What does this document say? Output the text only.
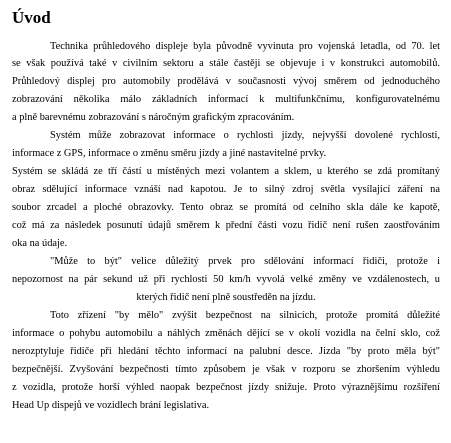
Úvod
Technika průhledového displeje byla původně vyvinuta pro vojenská letadla, od 70. let
se však používá také v civilním sektoru a stále častěji se objevuje i v konstrukci automobilů.
Průhledový displej pro automobily prodělává v současnosti vývoj směrem od jednoduchého
zobrazování několika málo základních informací k multifunkčnímu, konfigurovatelnému
a plně barevnému zobrazování s náročným grafickým zpracováním.
Systém může zobrazovat informace o rychlosti jízdy, nejvyšší dovolené rychlosti,
informace z GPS, informace o změnu směru jízdy a jiné nastavitelné prvky.
Systém se skládá ze tří částí u místěných mezi volantem a sklem, u kterého se zdá promítaný
obraz sdělující informace vznáší nad kapotou. Je to silný zdroj světla vysílající záření na
soubor zrcadel a ploché obrazovky. Tento obraz se promítá od celního skla dále ke kapotě,
což má za následek posunutí údajů směrem k přední části vozu řidič není rušen zaostřováním
oka na údaje.
"Může to být" velice důležitý prvek pro sdělování informací řidiči, protože i
nepozornost na pár sekund už při rychlosti 50 km/h vyvolá velké změny ve vzdálenostech, u
kterých řidič není plně soustředěn na jízdu.
Toto zřízení "by mělo" zvýšit bezpečnost na silnicích, protože promítá důležité
informace o pohybu automobilu a náhlých změnách dějící se v okolí vozidla na čelní sklo, což
nerozptyluje řidiče při hledání těchto informací na palubní desce. Jizda "by proto měla být"
bezpečnější. Zvyšování bezpečnosti tímto způsobem je však v rozporu se zhoršením výhledu
z vozidla, protože horší výhled naopak bezpečnost jízdy snižuje. Proto výraznějšímu rozšíření
Head Up dispejů ve vozidlech brání legislativa.
